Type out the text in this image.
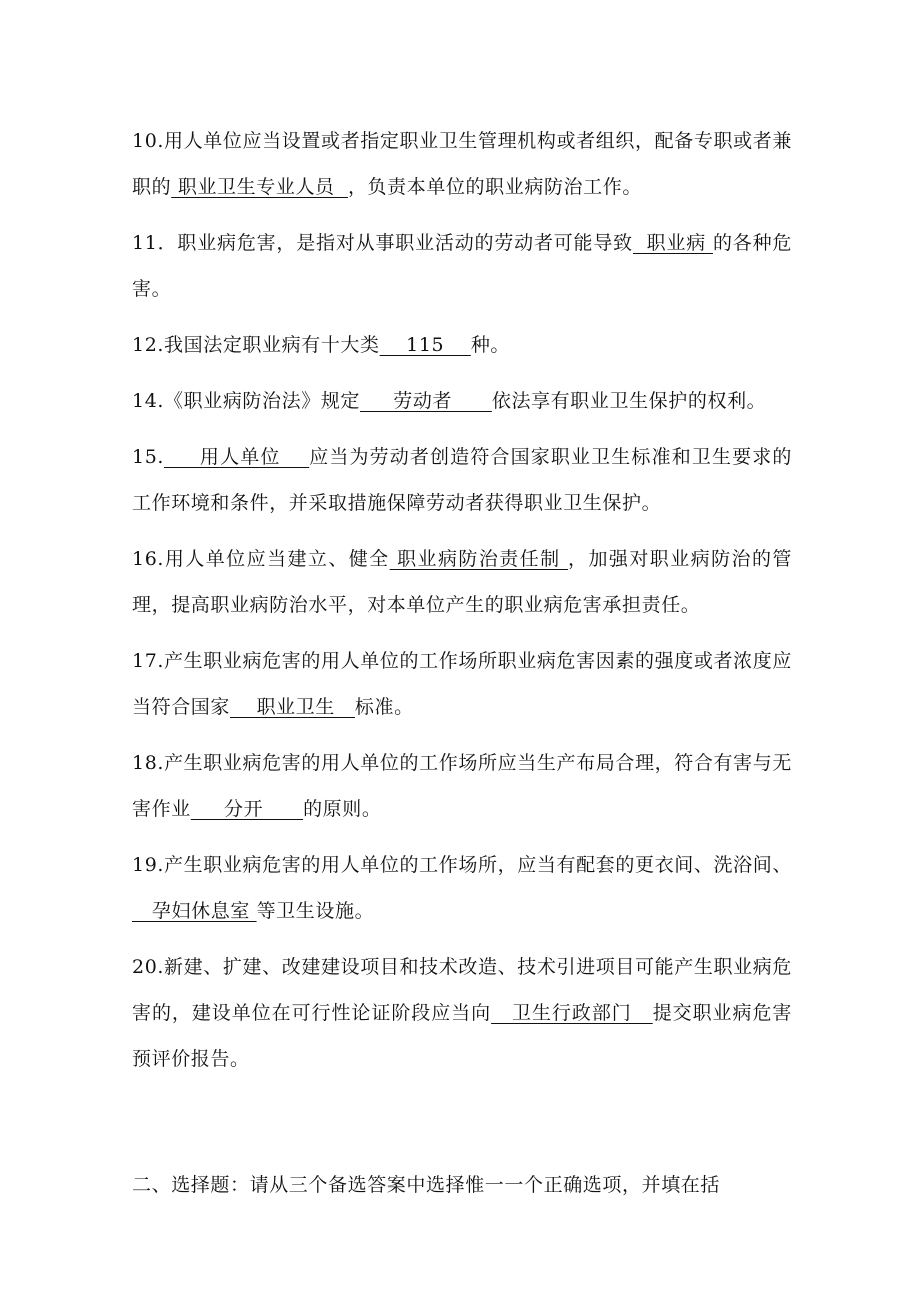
10.用人单位应当设置或者指定职业卫生管理机构或者组织，配备专职或者兼职的 职业卫生专业人员  ，负责本单位的职业病防治工作。

11．职业病危害，是指对从事职业活动的劳动者可能导致  职业病 的各种危害。

12.我国法定职业病有十大类    115    种。

14.《职业病防治法》规定     劳动者      依法享有职业卫生保护的权利。

15.     用人单位    应当为劳动者创造符合国家职业卫生标准和卫生要求的工作环境和条件，并采取措施保障劳动者获得职业卫生保护。

16.用人单位应当建立、健全 职业病防治责任制 ，加强对职业病防治的管理，提高职业病防治水平，对本单位产生的职业病危害承担责任。

17.产生职业病危害的用人单位的工作场所职业病危害因素的强度或者浓度应当符合国家    职业卫生   标准。

18.产生职业病危害的用人单位的工作场所应当生产布局合理，符合有害与无害作业     分开      的原则。

19.产生职业病危害的用人单位的工作场所，应当有配套的更衣间、洗浴间、   孕妇休息室 等卫生设施。

20.新建、扩建、改建建设项目和技术改造、技术引进项目可能产生职业病危害的，建设单位在可行性论证阶段应当向   卫生行政部门   提交职业病危害预评价报告。

二、选择题：请从三个备选答案中选择惟一一个正确选项，并填在括
